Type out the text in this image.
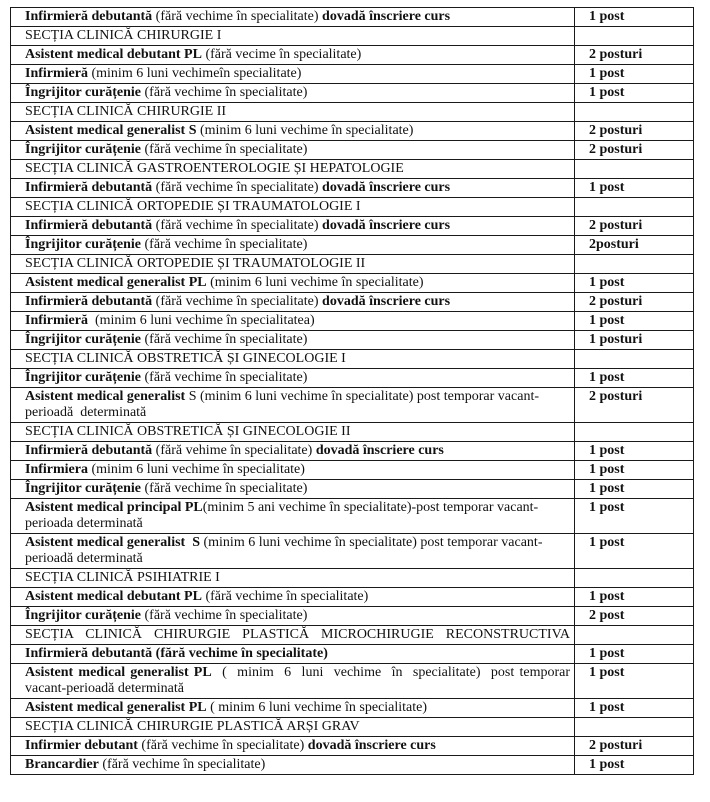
Infirmieră debutantă (fără vechime în specialitate) dovadă înscriere curs	1 post
SECȚIA CLINICĂ CHIRURGIE I	
Asistent medical debutant PL (fără vecime în specialitate)	2 posturi
Infirmieră (minim 6 luni vechimeîn specialitate)	1 post
Îngrijitor curățenie (fără vechime în specialitate)	1 post
SECȚIA CLINICĂ CHIRURGIE II	
Asistent medical generalist S (minim 6 luni vechime în specialitate)	2 posturi
Îngrijitor curățenie (fără vechime în specialitate)	2 posturi
SECȚIA CLINICĂ GASTROENTEROLOGIE ȘI HEPATOLOGIE	
Infirmieră debutantă (fără vechime în specialitate) dovadă înscriere curs	1 post
SECȚIA CLINICĂ ORTOPEDIE ȘI TRAUMATOLOGIE I	
Infirmieră debutantă (fără vechime în specialitate) dovadă înscriere curs	2 posturi
Îngrijitor curățenie (fără vechime în specialitate)	2posturi
SECȚIA CLINICĂ ORTOPEDIE ȘI TRAUMATOLOGIE II	
Asistent medical generalist PL (minim 6 luni vechime în specialitate)	1 post
Infirmieră debutantă (fără vechime în specialitate) dovadă înscriere curs	2 posturi
Infirmieră  (minim 6 luni vechime în specialitatea)	1 post
Îngrijitor curățenie (fără vechime în specialitate)	1 posturi
SECȚIA CLINICĂ OBSTRETICĂ ȘI GINECOLOGIE I	
Îngrijitor curățenie (fără vechime în specialitate)	1 post
Asistent medical generalist S (minim 6 luni vechime în specialitate) post temporar vacant-perioadă  determinată	2 posturi
SECȚIA CLINICĂ OBSTRETICĂ ȘI GINECOLOGIE II	
Infirmieră debutantă (fără vehime în specialitate) dovadă înscriere curs	1 post
Infirmiera (minim 6 luni vechime în specialitate)	1 post
Îngrijitor curățenie (fără vechime în specialitate)	1 post
Asistent medical principal PL(minim 5 ani vechime în specialitate)-post temporar vacant-perioada determinată	1 post
Asistent medical generalist  S (minim 6 luni vechime în specialitate) post temporar vacant-perioadă determinată	1 post
SECȚIA CLINICĂ PSIHIATRIE I	
Asistent medical debutant PL (fără vechime în specialitate)	1 post
Îngrijitor curățenie (fără vechime în specialitate)	2 post

SECȚIA CLINICĂ CHIRURGIE PLASTICĂ MICROCHIRUGIE RECONSTRUCTIVA	

Infirmieră debutantă (fără vechime în specialitate)	1 post

Asistent medical generalist PL  (  minim  6  luni  vechime  în  specialitate)  post temporar vacant-perioadă determinată	1 post
Asistent medical generalist PL ( minim 6 luni vechime în specialitate)	1 post
SECȚIA CLINICĂ CHIRURGIE PLASTICĂ ARȘI GRAV	
Infirmier debutant (fără vechime în specialitate) dovadă înscriere curs	2 posturi
Brancardier (fără vechime în specialitate)	1 post
